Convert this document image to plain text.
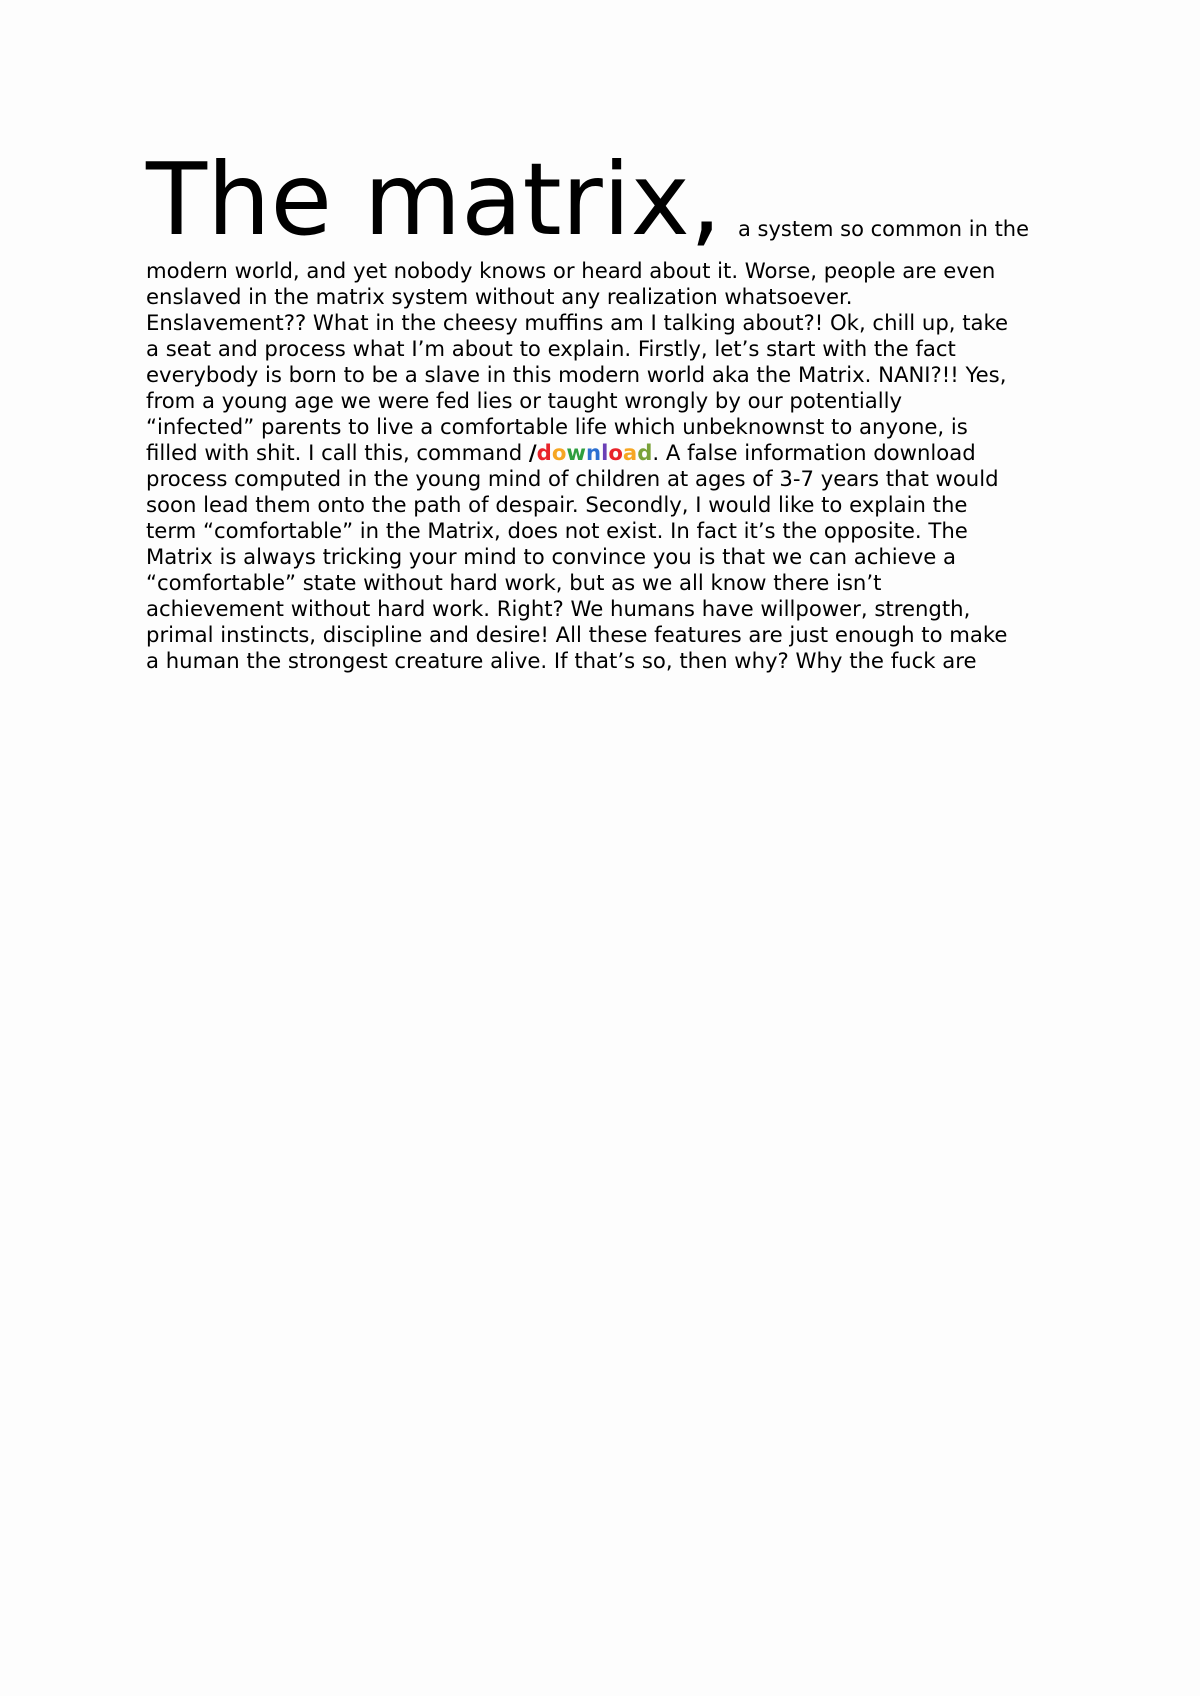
The matrix, a system so common in the

modern world, and yet nobody knows or heard about it. Worse, people are even
enslaved in the matrix system without any realization whatsoever.
Enslavement?? What in the cheesy muffins am I talking about?! Ok, chill up, take
a seat and process what I’m about to explain. Firstly, let’s start with the fact
everybody is born to be a slave in this modern world aka the Matrix. NANI?!! Yes,
from a young age we were fed lies or taught wrongly by our potentially
“infected” parents to live a comfortable life which unbeknownst to anyone, is
filled with shit. I call this, command /download. A false information download
process computed in the young mind of children at ages of 3-7 years that would
soon lead them onto the path of despair. Secondly, I would like to explain the
term “comfortable” in the Matrix, does not exist. In fact it’s the opposite. The
Matrix is always tricking your mind to convince you is that we can achieve a
“comfortable” state without hard work, but as we all know there isn’t
achievement without hard work. Right? We humans have willpower, strength,
primal instincts, discipline and desire! All these features are just enough to make
a human the strongest creature alive. If that’s so, then why? Why the fuck are
